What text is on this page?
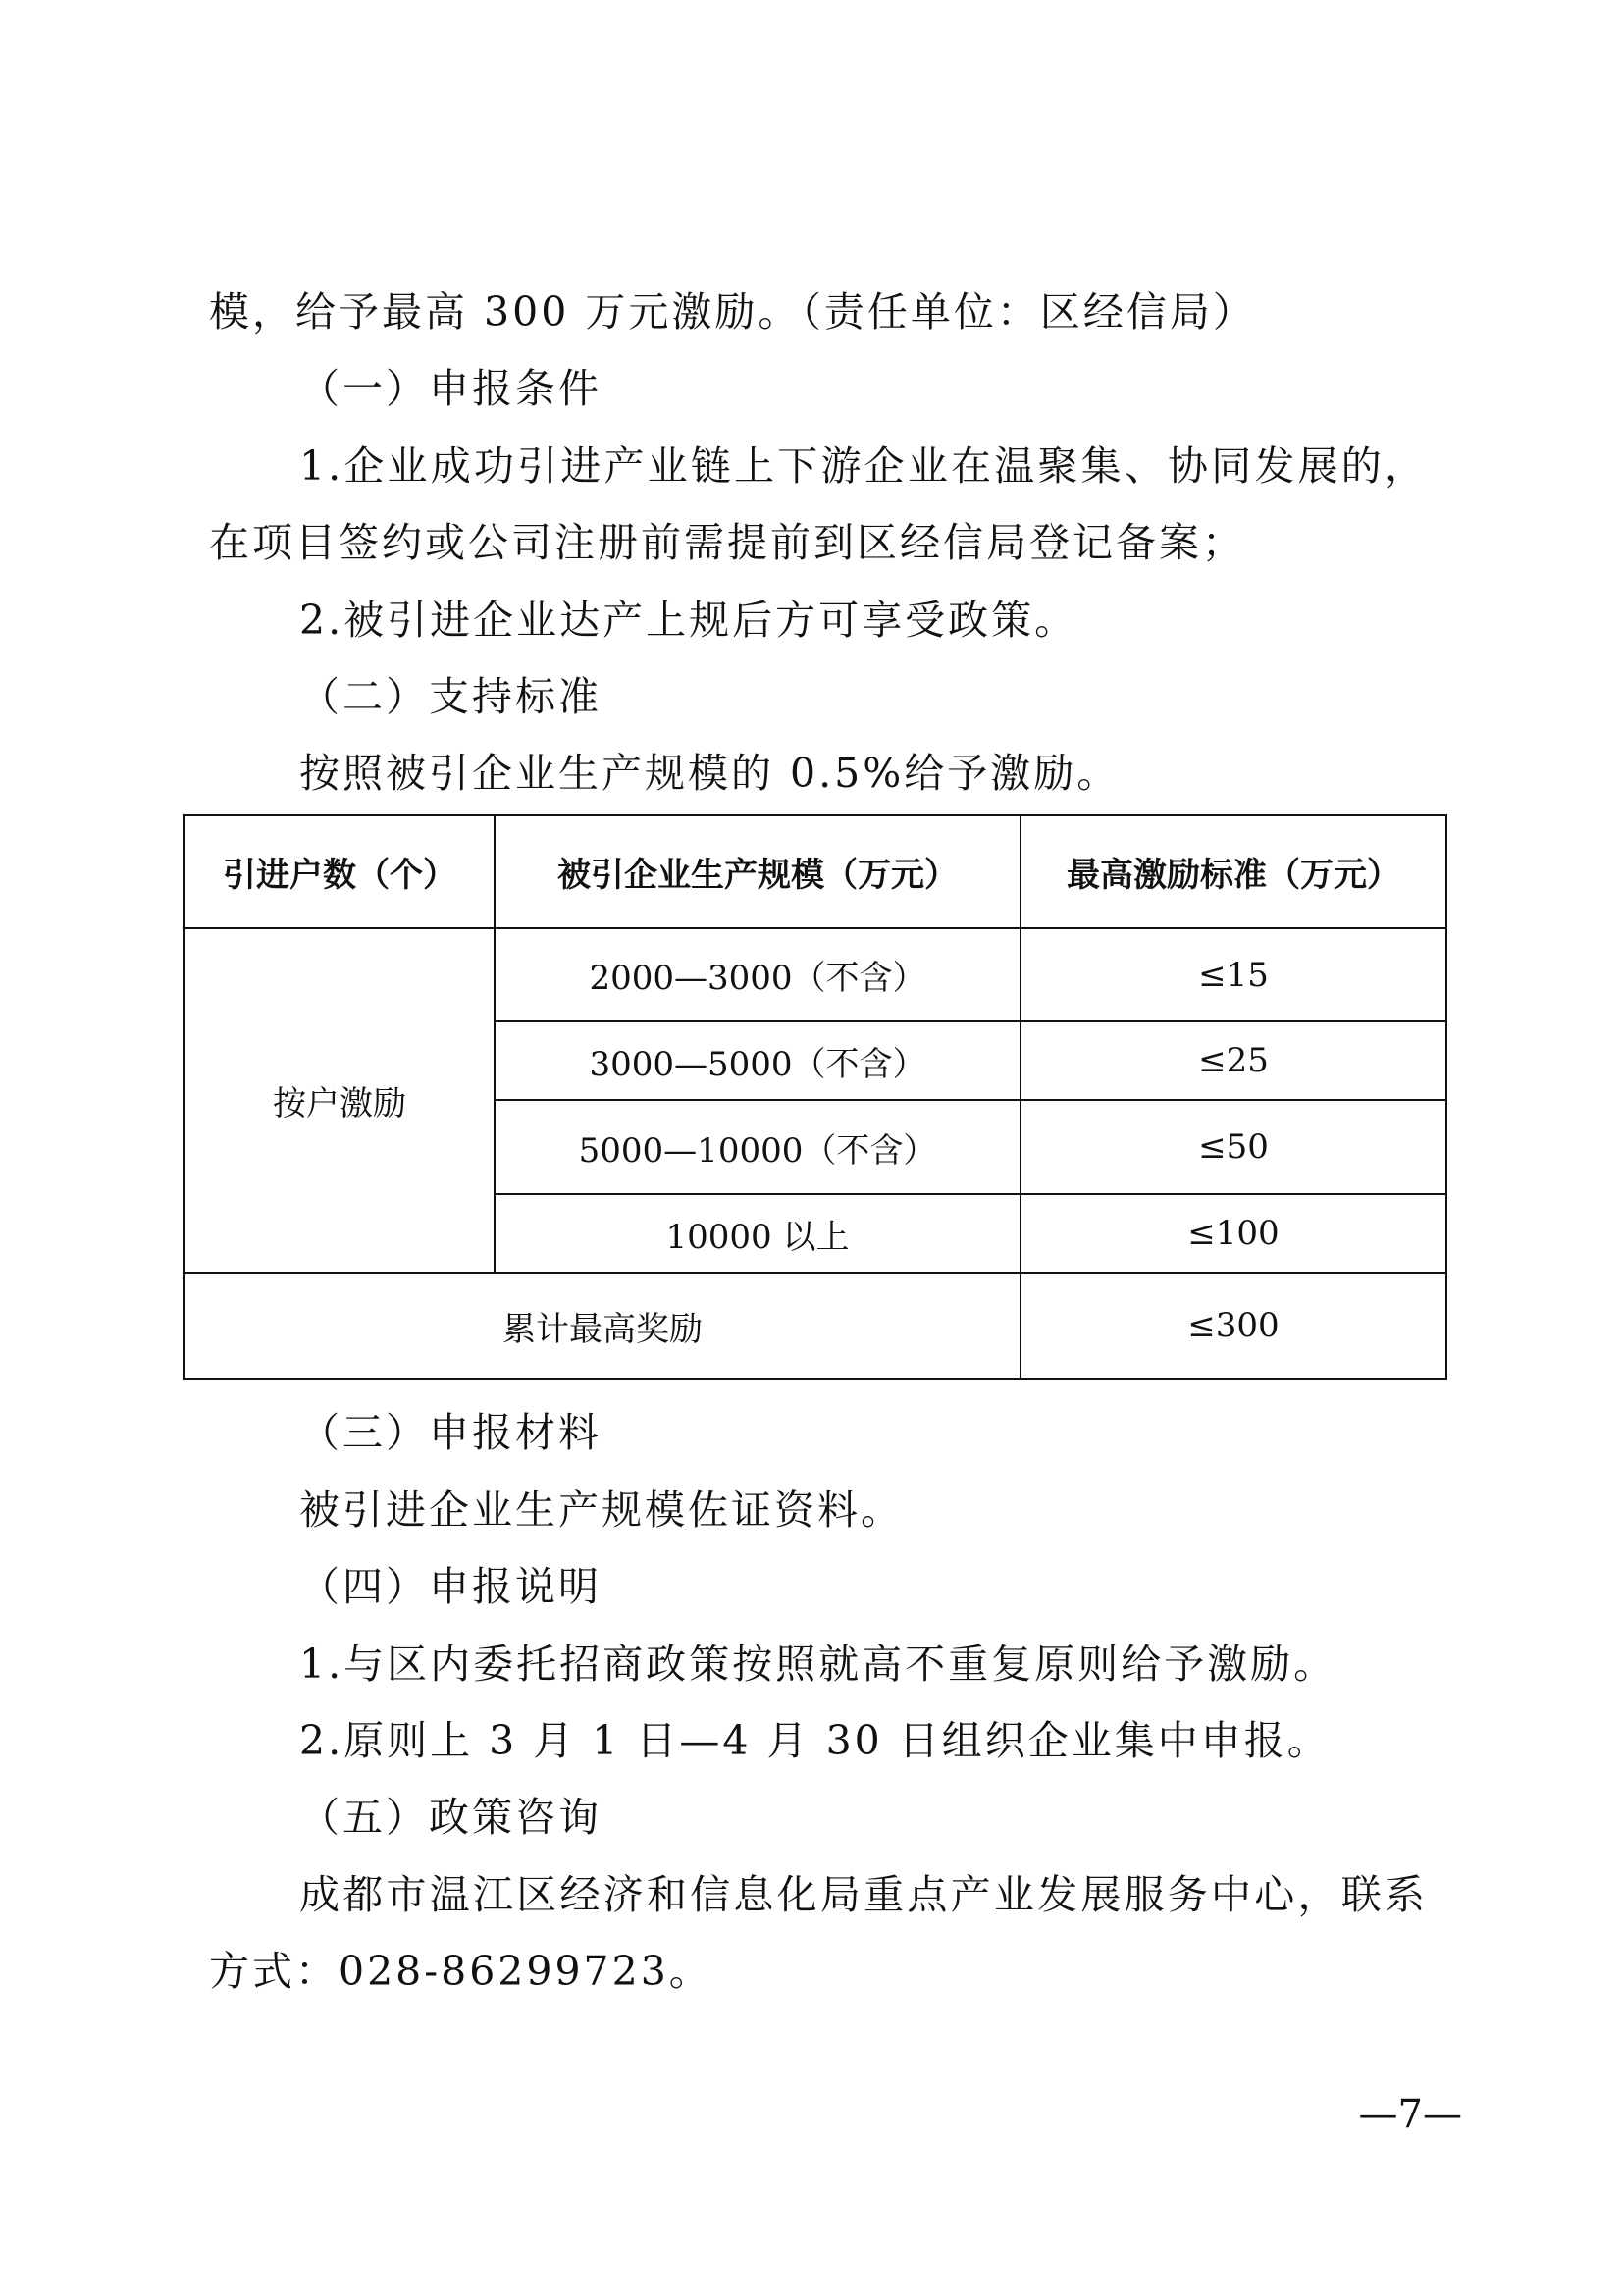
模，给予最高 300 万元激励。（责任单位：区经信局）
（一）申报条件
1.企业成功引进产业链上下游企业在温聚集、协同发展的，
在项目签约或公司注册前需提前到区经信局登记备案；
2.被引进企业达产上规后方可享受政策。
（二）支持标准
按照被引企业生产规模的 0.5%给予激励。
引进户数（个）	被引企业生产规模（万元）	最高激励标准（万元）
按户激励	2000—3000（不含）	≤15
	3000—5000（不含）	≤25
	5000—10000（不含）	≤50
	10000 以上	≤100
累计最高奖励		≤300
（三）申报材料
被引进企业生产规模佐证资料。
（四）申报说明
1.与区内委托招商政策按照就高不重复原则给予激励。
2.原则上 3 月 1 日—4 月 30 日组织企业集中申报。
（五）政策咨询
成都市温江区经济和信息化局重点产业发展服务中心，联系
方式：028-86299723。
—7—
